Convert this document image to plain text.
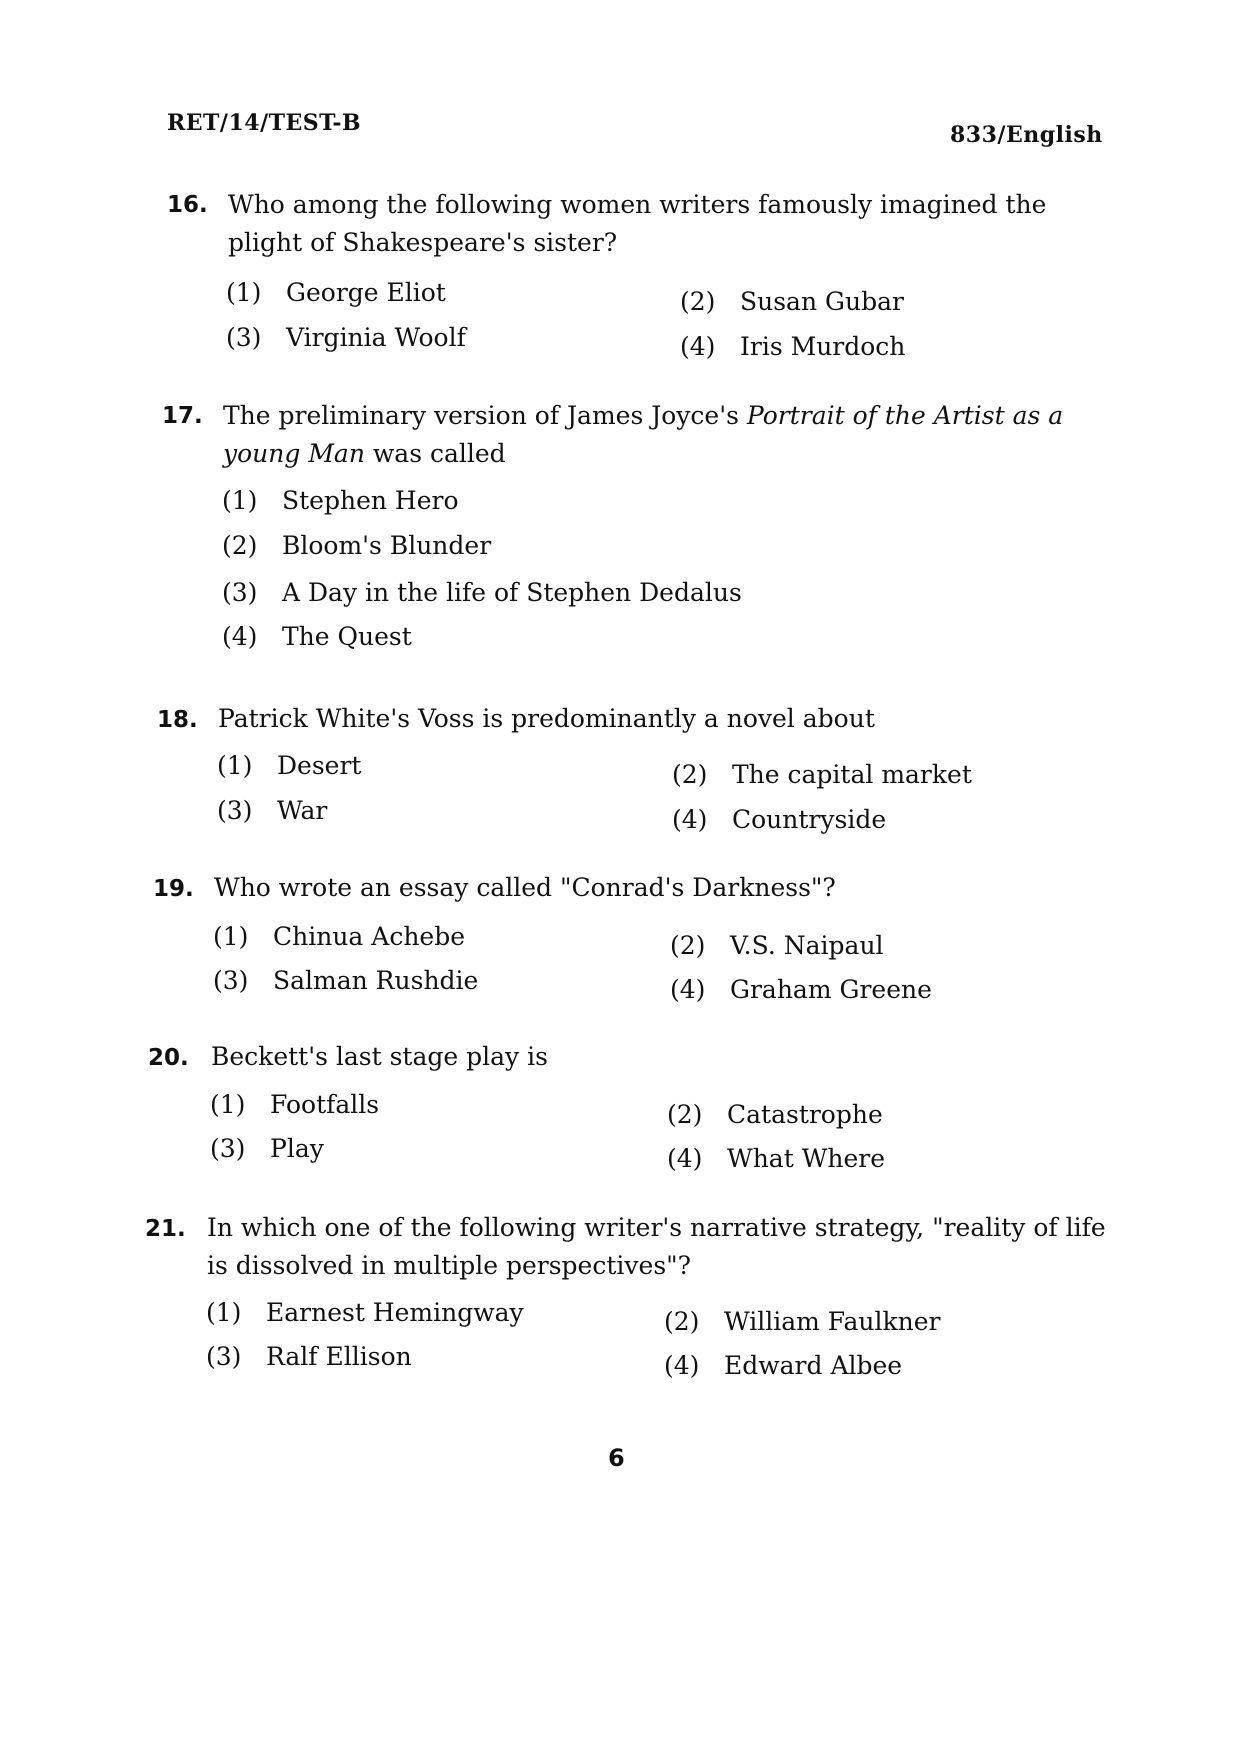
RET/14/TEST-B	833/English
16. Who among the following women writers famously imagined the plight of Shakespeare's sister?
(1) George Eliot	(2) Susan Gubar
(3) Virginia Woolf	(4) Iris Murdoch
17. The preliminary version of James Joyce's Portrait of the Artist as a young Man was called
(1) Stephen Hero
(2) Bloom's Blunder
(3) A Day in the life of Stephen Dedalus
(4) The Quest
18. Patrick White's Voss is predominantly a novel about
(1) Desert	(2) The capital market
(3) War	(4) Countryside
19. Who wrote an essay called "Conrad's Darkness"?
(1) Chinua Achebe	(2) V.S. Naipaul
(3) Salman Rushdie	(4) Graham Greene
20. Beckett's last stage play is
(1) Footfalls	(2) Catastrophe
(3) Play	(4) What Where
21. In which one of the following writer's narrative strategy, "reality of life is dissolved in multiple perspectives"?
(1) Earnest Hemingway	(2) William Faulkner
(3) Ralf Ellison	(4) Edward Albee
6
